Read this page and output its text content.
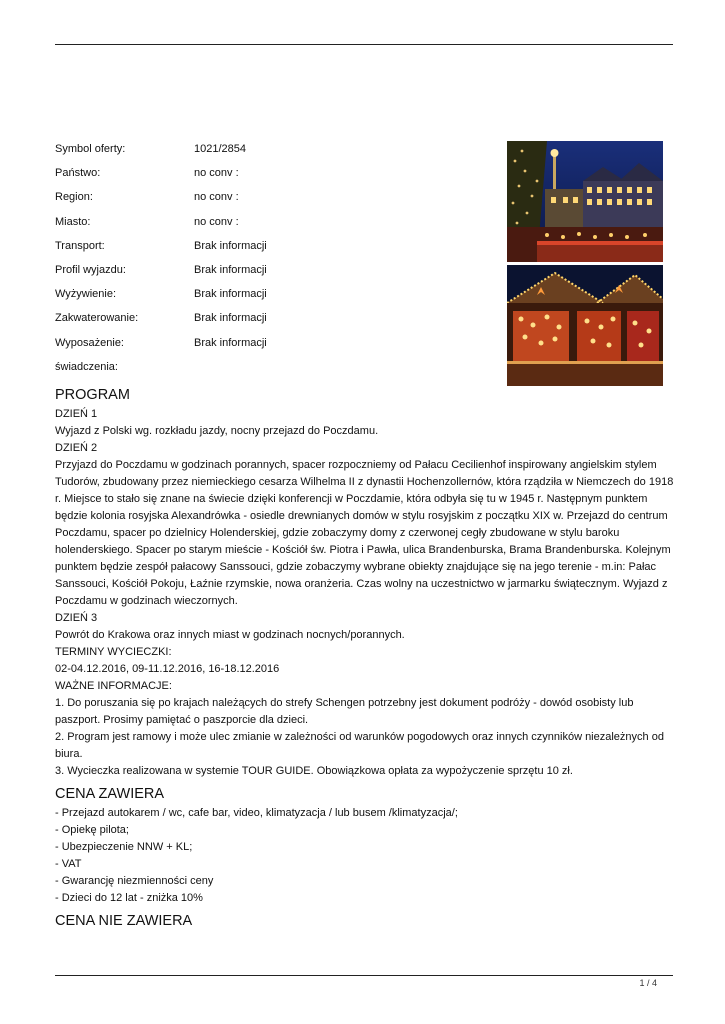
Symbol oferty:	1021/2854
Państwo:	no conv :
Region:	no conv :
Miasto:	no conv :
Transport:	Brak informacji
Profil wyjazdu:	Brak informacji
Wyżywienie:	Brak informacji
Zakwaterowanie:	Brak informacji
Wyposażenie:	Brak informacji
świadczenia:
PROGRAM

DZIEŃ 1

Wyjazd z Polski wg. rozkładu jazdy, nocny przejazd do Poczdamu.

DZIEŃ 2

Przyjazd do Poczdamu w godzinach porannych, spacer rozpoczniemy od Pałacu Cecilienhof inspirowany angielskim stylem Tudorów, zbudowany przez niemieckiego cesarza Wilhelma II z dynastii Hochenzollernów, która rządziła w Niemczech do 1918 r. Miejsce to stało się znane na świecie dzięki konferencji w Poczdamie, która odbyła się tu w 1945 r. Następnym punktem będzie kolonia rosyjska Alexandrówka - osiedle drewnianych domów w stylu rosyjskim z początku XIX w. Przejazd do centrum Poczdamu, spacer po dzielnicy Holenderskiej, gdzie zobaczymy domy z czerwonej cegły zbudowane w stylu baroku holenderskiego. Spacer po starym mieście - Kościół św. Piotra i Pawła, ulica Brandenburska, Brama Brandenburska. Kolejnym punktem będzie zespół pałacowy Sanssouci, gdzie zobaczymy wybrane obiekty znajdujące się na jego terenie - m.in: Pałac Sanssouci, Kościół Pokoju, Łaźnie rzymskie, nowa oranżeria. Czas wolny na uczestnictwo w jarmarku świątecznym. Wyjazd z Poczdamu w godzinach wieczornych.

DZIEŃ 3

Powrót do Krakowa oraz innych miast w godzinach nocnych/porannych.

TERMINY WYCIECZKI:

02-04.12.2016, 09-11.12.2016, 16-18.12.2016

WAŻNE INFORMACJE:

1. Do poruszania się po krajach należących do strefy Schengen potrzebny jest dokument podróży - dowód osobisty lub paszport. Prosimy pamiętać o paszporcie dla dzieci.

2. Program jest ramowy i może ulec zmianie w zależności od warunków pogodowych oraz innych czynników niezależnych od biura.

3. Wycieczka realizowana w systemie TOUR GUIDE. Obowiązkowa opłata za wypożyczenie sprzętu 10 zł.

CENA ZAWIERA

- Przejazd autokarem / wc, cafe bar, video, klimatyzacja / lub busem /klimatyzacja/;

- Opiekę pilota;

- Ubezpieczenie NNW + KL;

- VAT

- Gwarancję niezmienności ceny

- Dzieci do 12 lat - zniżka 10%

CENA NIE ZAWIERA
1 / 4
